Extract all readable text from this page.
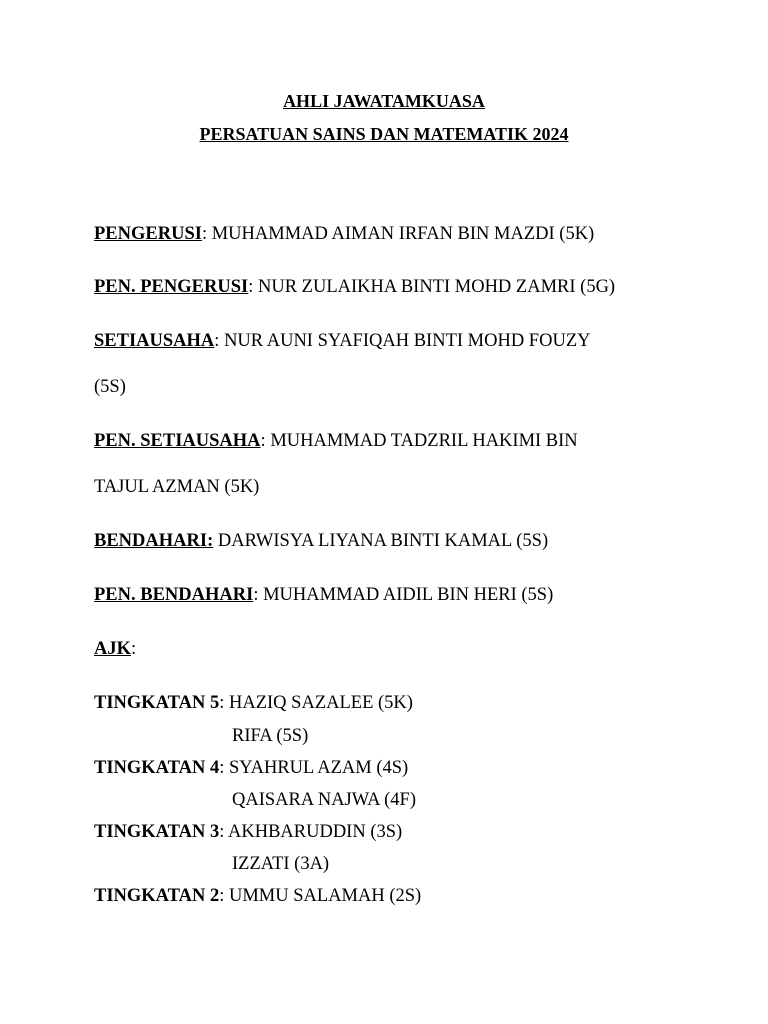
AHLI JAWATAMKUASA
PERSATUAN SAINS DAN MATEMATIK 2024
PENGERUSI: MUHAMMAD AIMAN IRFAN BIN MAZDI (5K)
PEN. PENGERUSI: NUR ZULAIKHA BINTI MOHD ZAMRI (5G)
SETIAUSAHA: NUR AUNI SYAFIQAH BINTI MOHD FOUZY
(5S)
PEN. SETIAUSAHA: MUHAMMAD TADZRIL HAKIMI BIN
TAJUL AZMAN (5K)
BENDAHARI: DARWISYA LIYANA BINTI KAMAL (5S)
PEN. BENDAHARI: MUHAMMAD AIDIL BIN HERI (5S)
AJK:
TINGKATAN 5: HAZIQ SAZALEE (5K)
RIFA (5S)
TINGKATAN 4: SYAHRUL AZAM (4S)
QAISARA NAJWA (4F)
TINGKATAN 3: AKHBARUDDIN (3S)
IZZATI (3A)
TINGKATAN 2: UMMU SALAMAH (2S)
